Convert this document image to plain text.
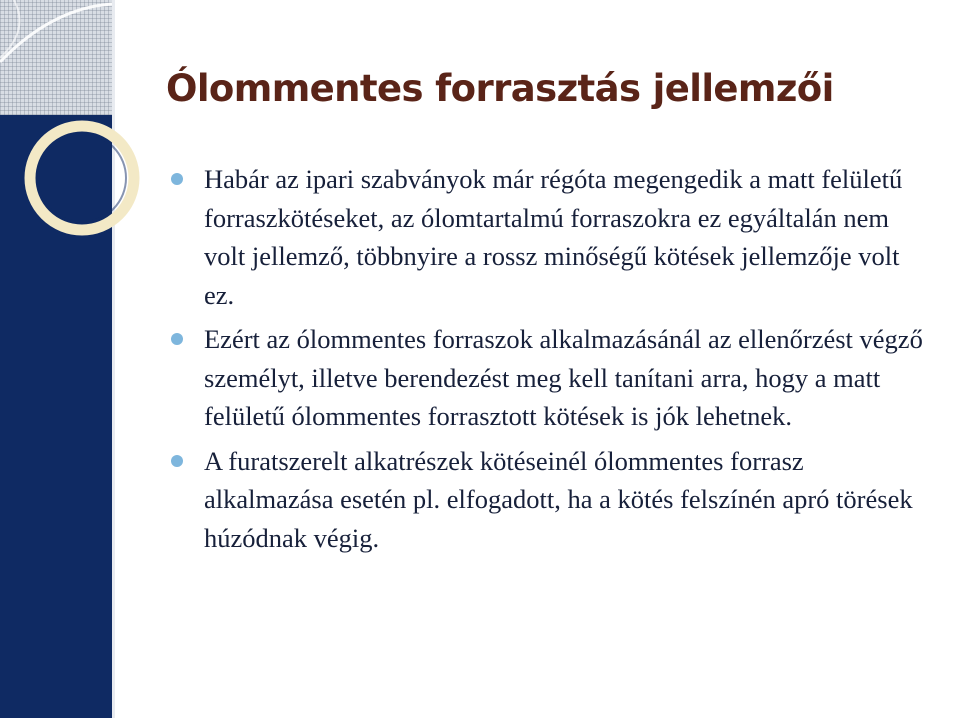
Ólommentes forrasztás jellemzői
Habár az ipari szabványok már régóta megengedik a matt felületű forraszkötéseket, az ólomtartalmú forraszokra ez egyáltalán nem volt jellemző, többnyire a rossz minőségű kötések jellemzője volt ez.
Ezért az ólommentes forraszok alkalmazásánál az ellenőrzést végző személyt, illetve berendezést meg kell tanítani arra, hogy a matt felületű ólommentes forrasztott kötések is jók lehetnek.
A furatszerelt alkatrészek kötéseinél ólommentes forrasz alkalmazása esetén pl. elfogadott, ha a kötés felszínén apró törések húzódnak végig.
